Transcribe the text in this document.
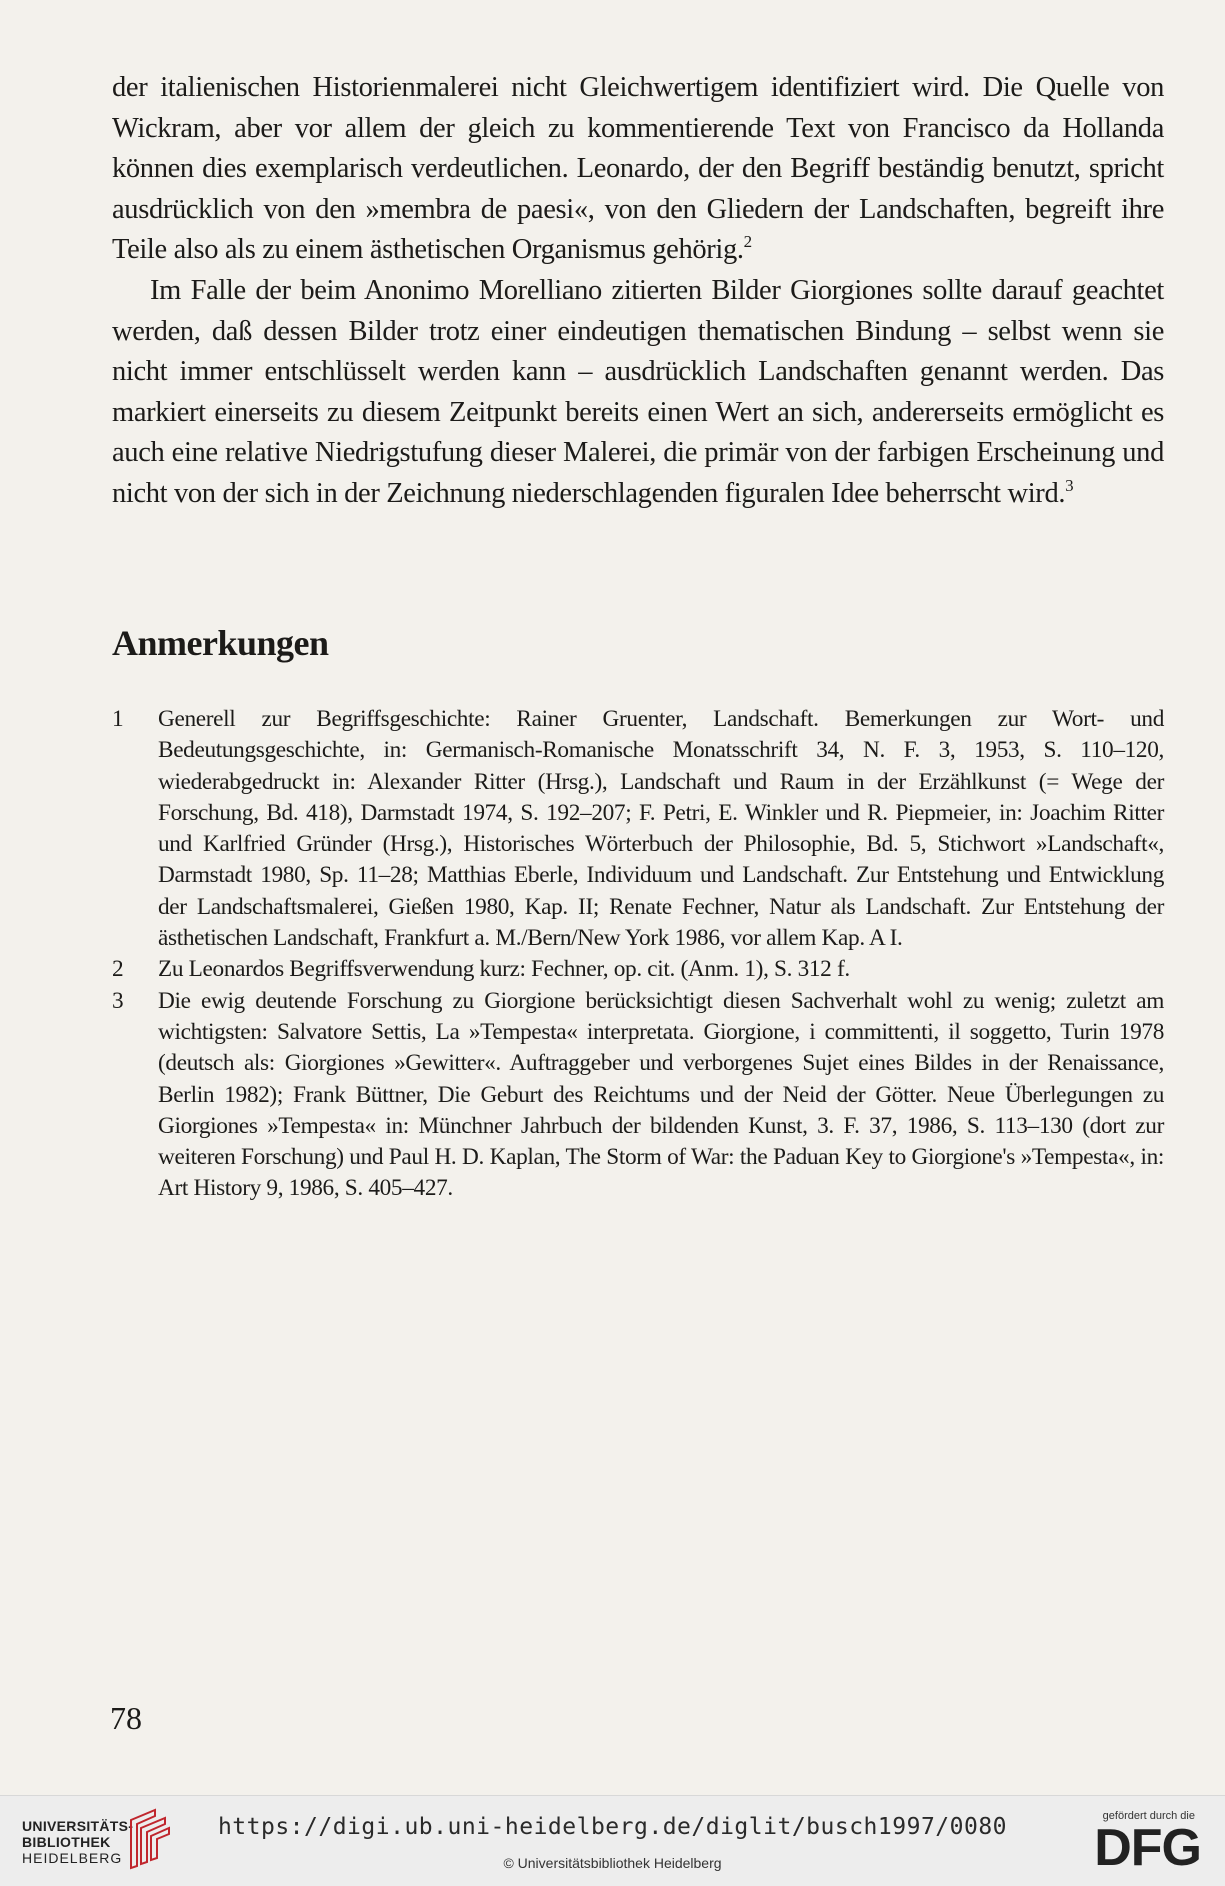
der italienischen Historienmalerei nicht Gleichwertigem identifiziert wird. Die Quelle von Wickram, aber vor allem der gleich zu kommentierende Text von Francisco da Hollanda können dies exemplarisch verdeutlichen. Leonardo, der den Begriff beständig benutzt, spricht ausdrücklich von den »membra de paesi«, von den Gliedern der Landschaften, begreift ihre Teile also als zu einem ästhetischen Organismus gehörig.$^2$

Im Falle der beim Anonimo Morelliano zitierten Bilder Giorgiones sollte darauf geachtet werden, daß dessen Bilder trotz einer eindeutigen thematischen Bindung – selbst wenn sie nicht immer entschlüsselt werden kann – ausdrücklich Landschaften genannt werden. Das markiert einerseits zu diesem Zeitpunkt bereits einen Wert an sich, andererseits ermöglicht es auch eine relative Niedrigstufung dieser Malerei, die primär von der farbigen Erscheinung und nicht von der sich in der Zeichnung niederschlagenden figuralen Idee beherrscht wird.$^3$

Anmerkungen
1	Generell zur Begriffsgeschichte: Rainer Gruenter, Landschaft. Bemerkungen zur Wort- und Bedeutungsgeschichte, in: Germanisch-Romanische Monatsschrift 34, N. F. 3, 1953, S. 110–120, wiederabgedruckt in: Alexander Ritter (Hrsg.), Landschaft und Raum in der Erzählkunst (= Wege der Forschung, Bd. 418), Darmstadt 1974, S. 192–207; F. Petri, E. Winkler und R. Piepmeier, in: Joachim Ritter und Karlfried Gründer (Hrsg.), Historisches Wörterbuch der Philosophie, Bd. 5, Stichwort »Landschaft«, Darmstadt 1980, Sp. 11–28; Matthias Eberle, Individuum und Landschaft. Zur Entstehung und Entwicklung der Landschaftsmalerei, Gießen 1980, Kap. II; Renate Fechner, Natur als Landschaft. Zur Entstehung der ästhetischen Landschaft, Frankfurt a. M./Bern/New York 1986, vor allem Kap. A I.
2	Zu Leonardos Begriffsverwendung kurz: Fechner, op. cit. (Anm. 1), S. 312 f.
3	Die ewig deutende Forschung zu Giorgione berücksichtigt diesen Sachverhalt wohl zu wenig; zuletzt am wichtigsten: Salvatore Settis, La »Tempesta« interpretata. Giorgione, i committenti, il soggetto, Turin 1978 (deutsch als: Giorgiones »Gewitter«. Auftraggeber und verborgenes Sujet eines Bildes in der Renaissance, Berlin 1982); Frank Büttner, Die Geburt des Reichtums und der Neid der Götter. Neue Überlegungen zu Giorgiones »Tempesta« in: Münchner Jahrbuch der bildenden Kunst, 3. F. 37, 1986, S. 113–130 (dort zur weiteren Forschung) und Paul H. D. Kaplan, The Storm of War: the Paduan Key to Giorgione's »Tempesta«, in: Art History 9, 1986, S. 405–427.
78
UNIVERSITÄTS-
BIBLIOTHEK
HEIDELBERG
https://digi.ub.uni-heidelberg.de/diglit/busch1997/0080
© Universitätsbibliothek Heidelberg
gefördert durch die
DFG
